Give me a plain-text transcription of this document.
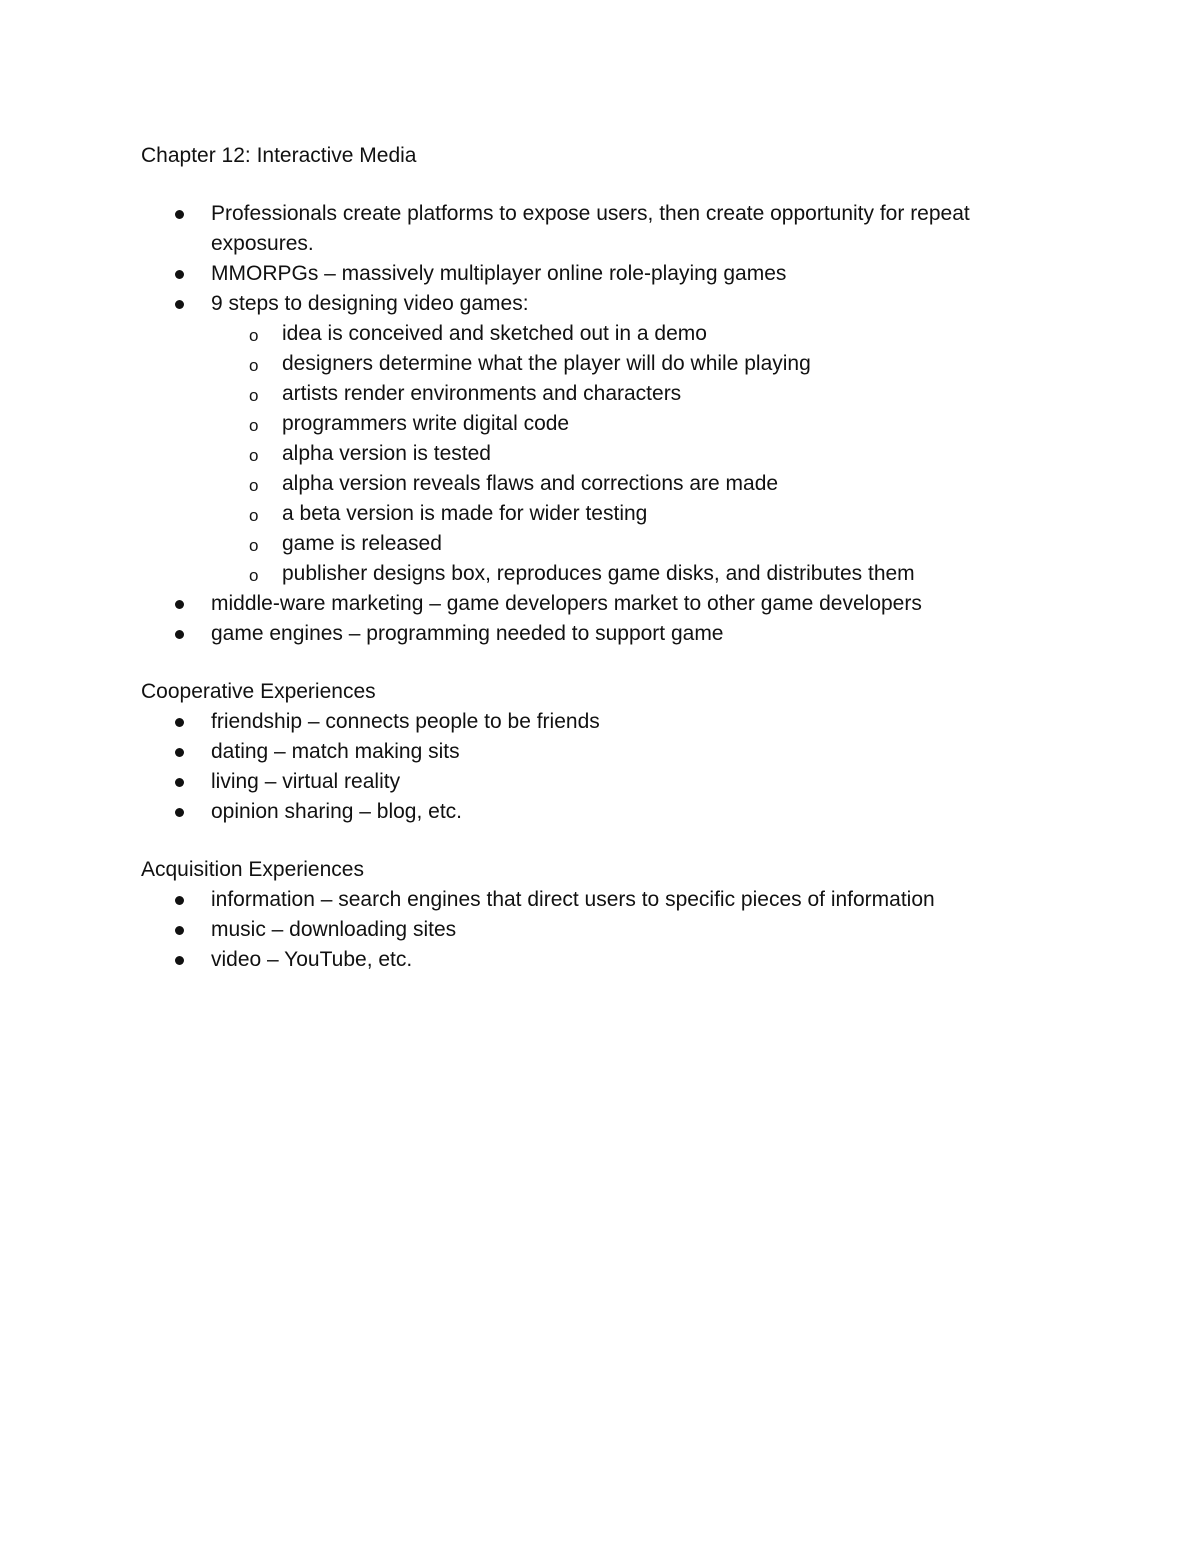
Chapter 12: Interactive Media
Professionals create platforms to expose users, then create opportunity for repeat exposures.
MMORPGs – massively multiplayer online role-playing games
9 steps to designing video games:
o idea is conceived and sketched out in a demo
o designers determine what the player will do while playing
o artists render environments and characters
o programmers write digital code
o alpha version is tested
o alpha version reveals flaws and corrections are made
o a beta version is made for wider testing
o game is released
o publisher designs box, reproduces game disks, and distributes them
middle-ware marketing – game developers market to other game developers
game engines – programming needed to support game
Cooperative Experiences
friendship – connects people to be friends
dating – match making sits
living – virtual reality
opinion sharing – blog, etc.
Acquisition Experiences
information – search engines that direct users to specific pieces of information
music – downloading sites
video – YouTube, etc.
